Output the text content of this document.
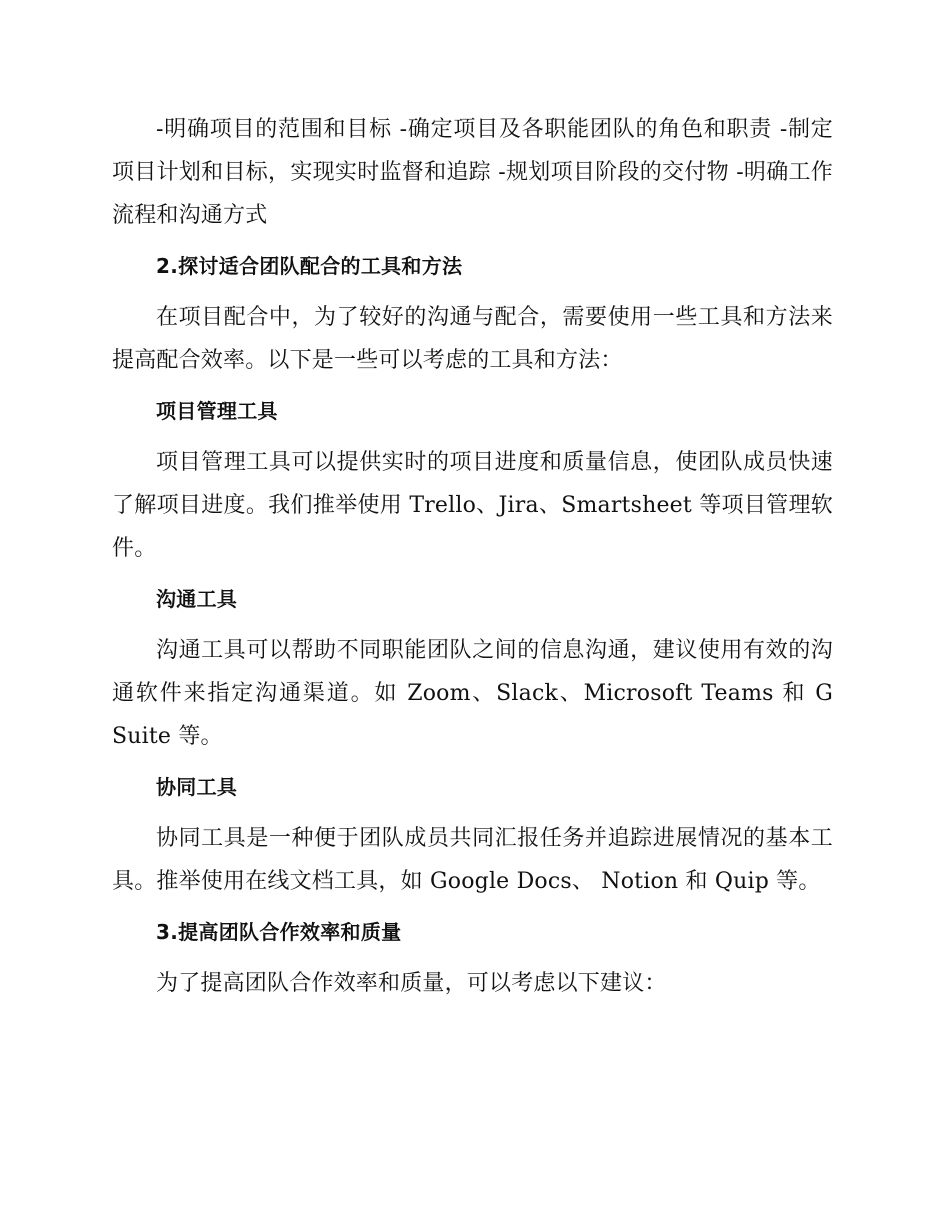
-明确项目的范围和目标 -确定项目及各职能团队的角色和职责 -制定项目计划和目标，实现实时监督和追踪 -规划项目阶段的交付物 -明确工作流程和沟通方式

2.探讨适合团队配合的工具和方法

在项目配合中，为了较好的沟通与配合，需要使用一些工具和方法来提高配合效率。以下是一些可以考虑的工具和方法：

项目管理工具

项目管理工具可以提供实时的项目进度和质量信息，使团队成员快速了解项目进度。我们推举使用 Trello、Jira、Smartsheet 等项目管理软件。

沟通工具

沟通工具可以帮助不同职能团队之间的信息沟通，建议使用有效的沟通软件来指定沟通渠道。如 Zoom、Slack、Microsoft Teams 和 G Suite 等。

协同工具

协同工具是一种便于团队成员共同汇报任务并追踪进展情况的基本工具。推举使用在线文档工具，如 Google Docs、 Notion 和 Quip 等。

3.提高团队合作效率和质量

为了提高团队合作效率和质量，可以考虑以下建议：
